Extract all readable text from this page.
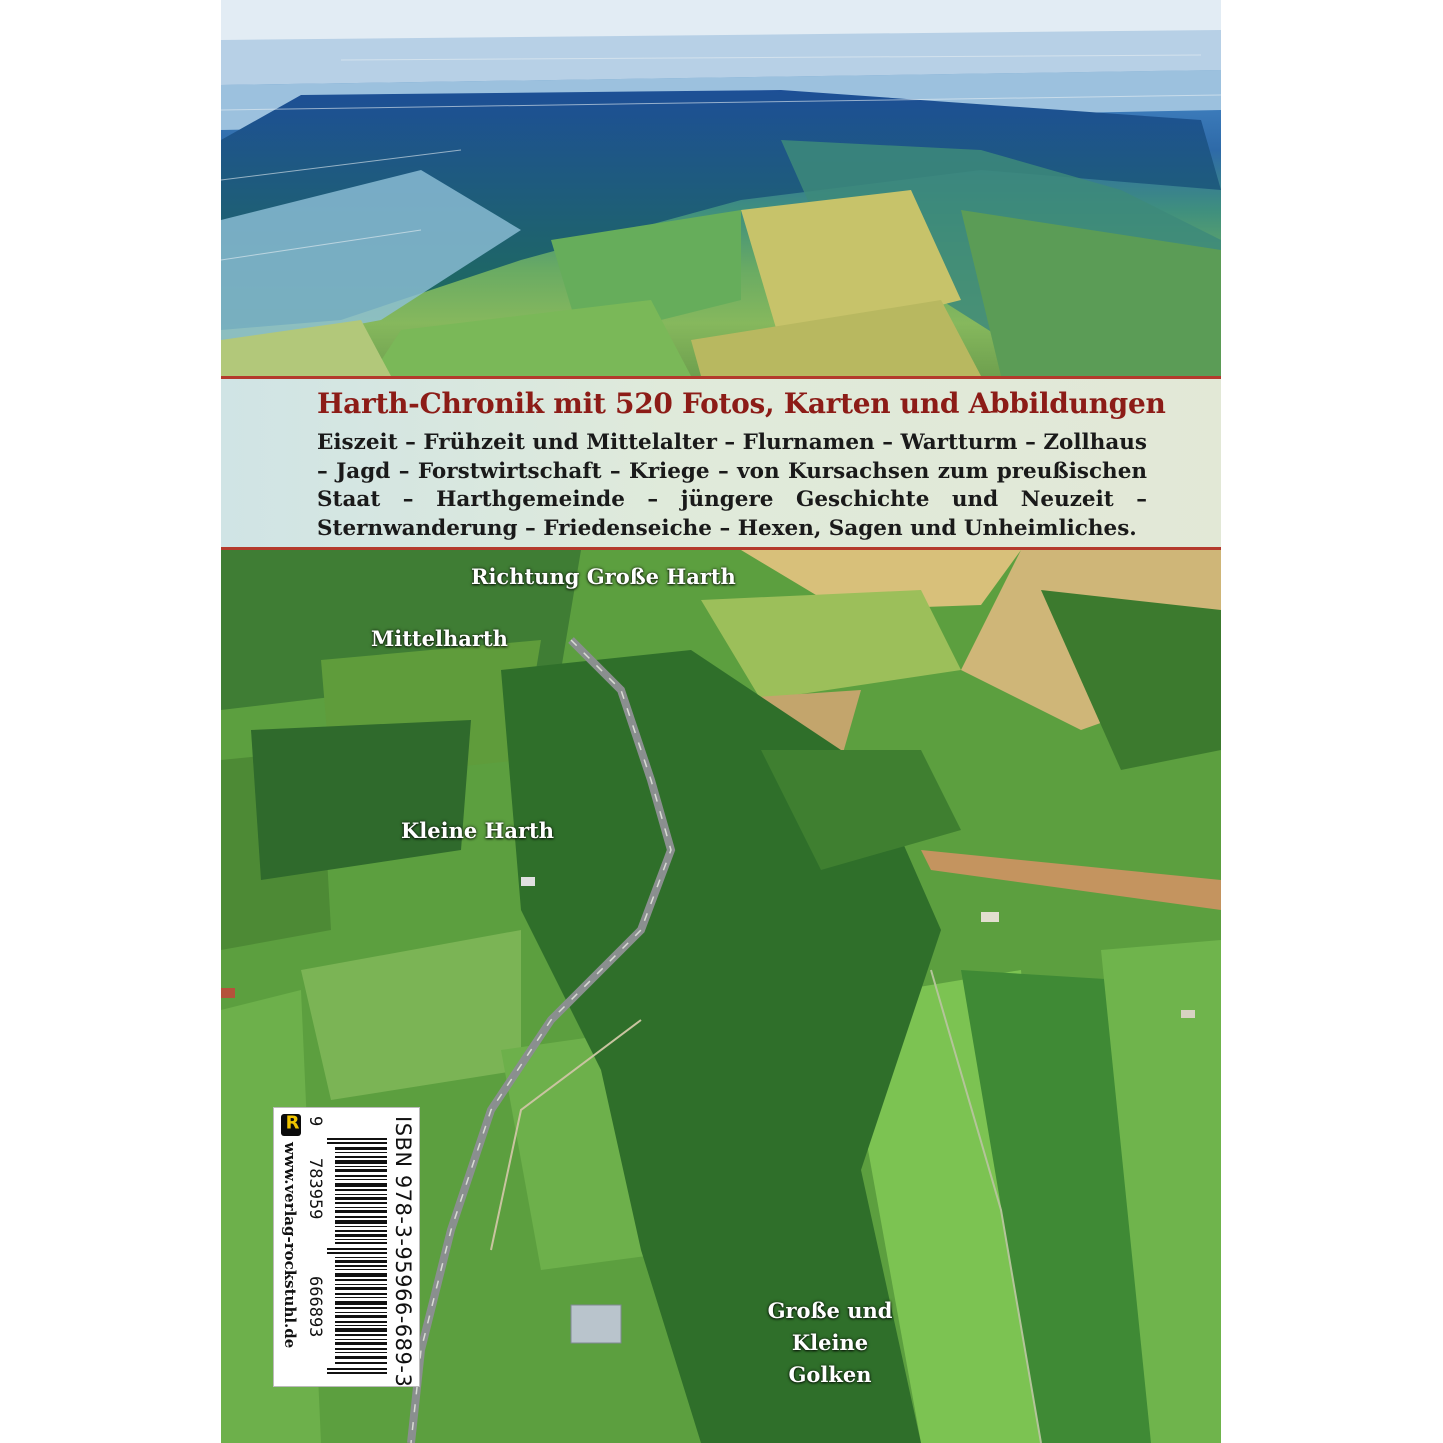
Harth-Chronik mit 520 Fotos, Karten und Abbildungen
Eiszeit – Frühzeit und Mittelalter – Flurnamen – Wartturm – Zollhaus – Jagd – Forstwirtschaft – Kriege – von Kursachsen zum preußischen Staat – Harthgemeinde – jüngere Geschichte und Neuzeit – Sternwanderung – Friedenseiche – Hexen, Sagen und Unheimliches.
Richtung Große Harth
Mittelharth
Kleine Harth
Große und Kleine Golken
ISBN 978-3-95966-689-3
9
783959
666893
R
www.verlag-rockstuhl.de
